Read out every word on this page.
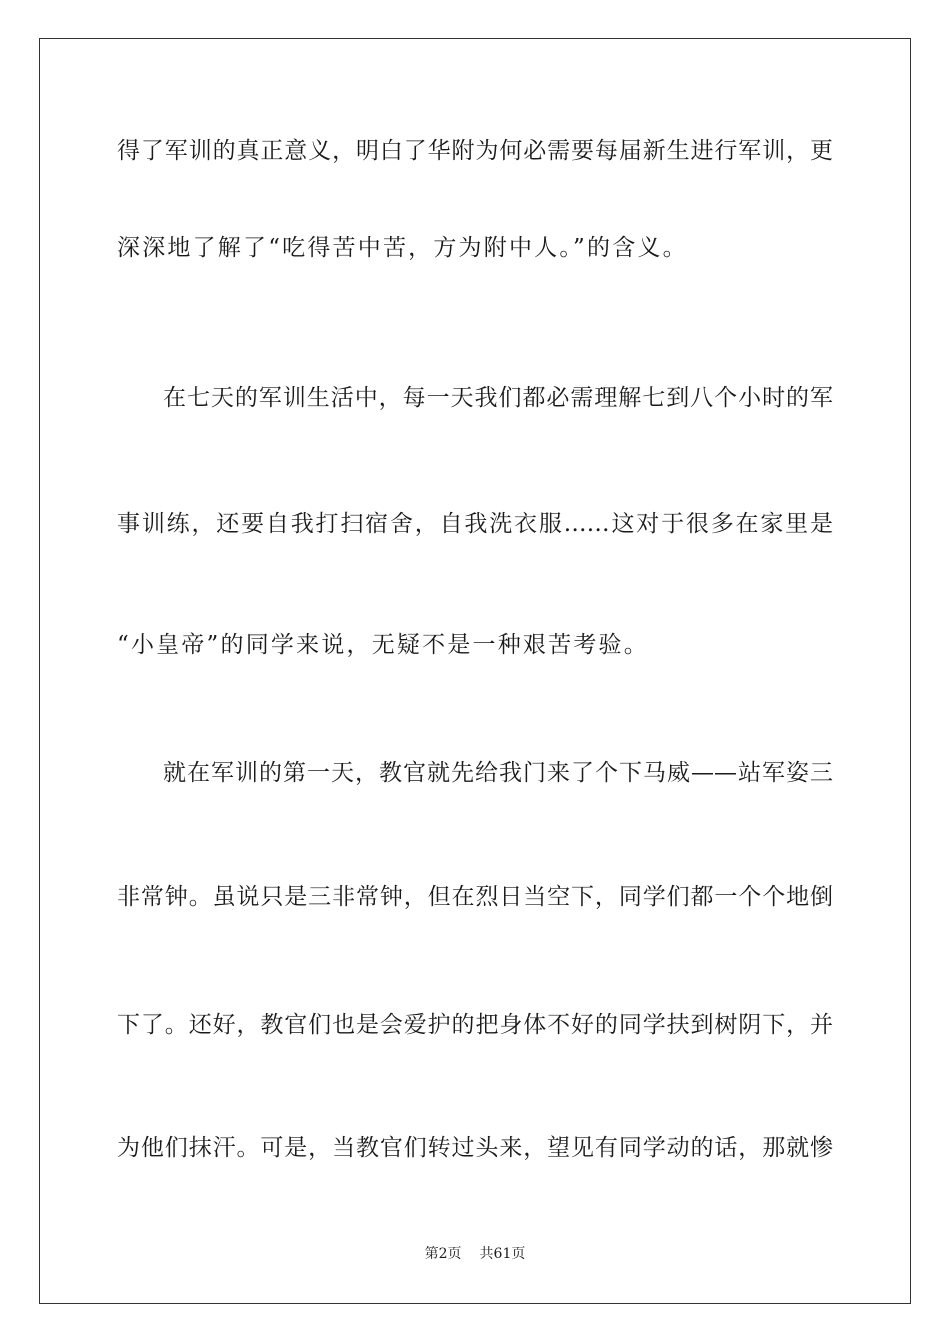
得了军训的真正意义，明白了华附为何必需要每届新生进行军训，更
深深地了解了“吃得苦中苦，方为附中人。”的含义。
在七天的军训生活中，每一天我们都必需理解七到八个小时的军
事训练，还要自我打扫宿舍，自我洗衣服……这对于很多在家里是
“小皇帝”的同学来说，无疑不是一种艰苦考验。
就在军训的第一天，教官就先给我门来了个下马威——站军姿三
非常钟。虽说只是三非常钟，但在烈日当空下，同学们都一个个地倒
下了。还好，教官们也是会爱护的把身体不好的同学扶到树阴下，并
为他们抹汗。可是，当教官们转过头来，望见有同学动的话，那就惨
第2页 共61页
